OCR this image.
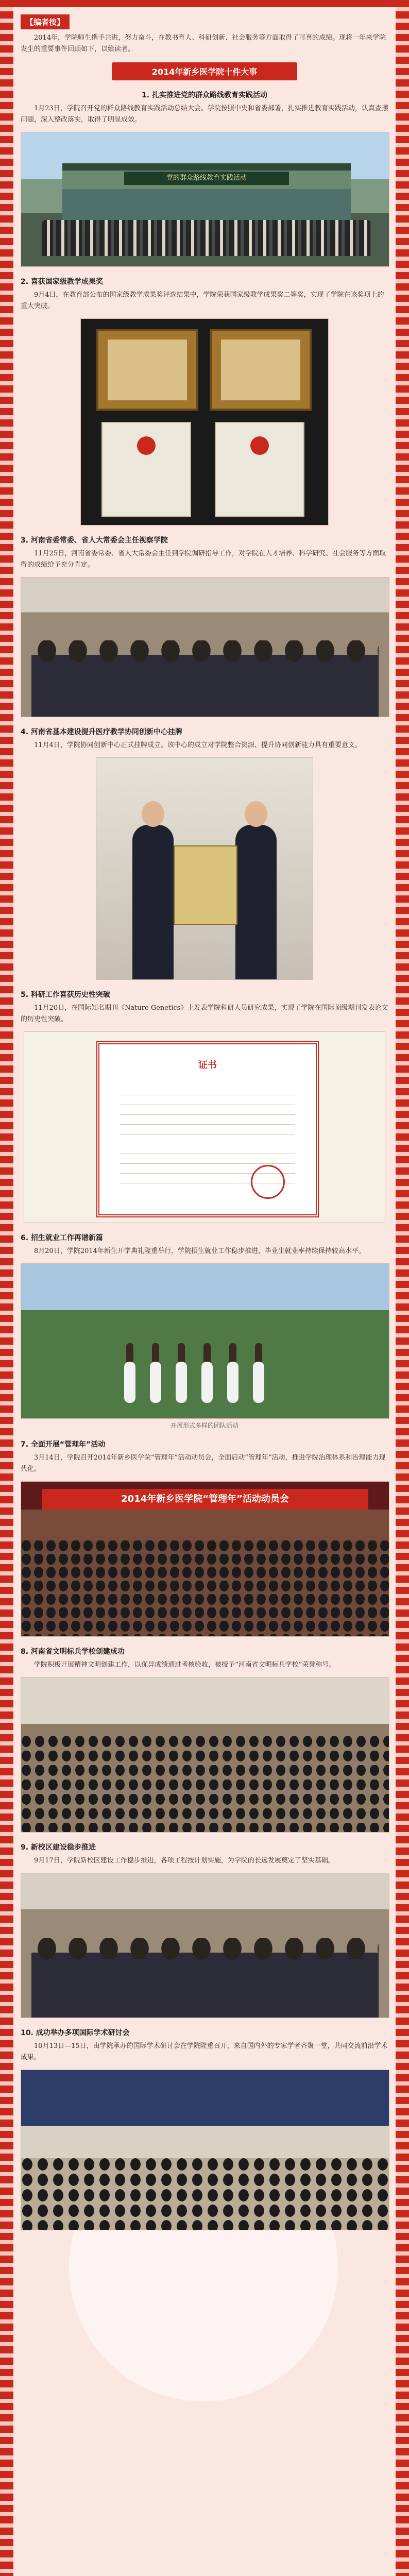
【编者按】

2014年，学院师生携手共进，努力奋斗，在教书育人、科研创新、社会服务等方面取得了可喜的成绩。现将一年来学院发生的重要事件回顾如下，以飨读者。

2014年新乡医学院十件大事
1. 扎实推进党的群众路线教育实践活动

1月23日，学院召开党的群众路线教育实践活动总结大会。学院按照中央和省委部署，扎实推进教育实践活动，认真查摆问题，深入整改落实，取得了明显成效。

党的群众路线教育实践活动
2. 喜获国家级教学成果奖

9月4日，在教育部公布的国家级教学成果奖评选结果中，学院荣获国家级教学成果奖二等奖，实现了学院在该奖项上的重大突破。

3. 河南省委常委、省人大常委会主任视察学院

11月25日，河南省委常委、省人大常委会主任到学院调研指导工作，对学院在人才培养、科学研究、社会服务等方面取得的成绩给予充分肯定。

4. 河南省基本建设提升医疗教学协同创新中心挂牌

11月4日，学院协同创新中心正式挂牌成立。该中心的成立对学院整合资源、提升协同创新能力具有重要意义。

5. 科研工作喜获历史性突破

11月20日，在国际知名期刊《Nature Genetics》上发表学院科研人员研究成果，实现了学院在国际顶级期刊发表论文的历史性突破。

证书
6. 招生就业工作再谱新篇

8月20日，学院2014年新生开学典礼隆重举行，学院招生就业工作稳步推进，毕业生就业率持续保持较高水平。

开展形式多样的团队活动
7. 全面开展“管理年”活动

3月14日，学院召开2014年新乡医学院“管理年”活动动员会，全面启动“管理年”活动，推进学院治理体系和治理能力现代化。

2014年新乡医学院“管理年”活动动员会
8. 河南省文明标兵学校创建成功

学院积极开展精神文明创建工作，以优异成绩通过考核验收，被授予“河南省文明标兵学校”荣誉称号。

9. 新校区建设稳步推进

9月17日，学院新校区建设工作稳步推进，各项工程按计划实施，为学院的长远发展奠定了坚实基础。

10. 成功举办多项国际学术研讨会

10月13日—15日，由学院承办的国际学术研讨会在学院隆重召开，来自国内外的专家学者齐聚一堂，共同交流前沿学术成果。
